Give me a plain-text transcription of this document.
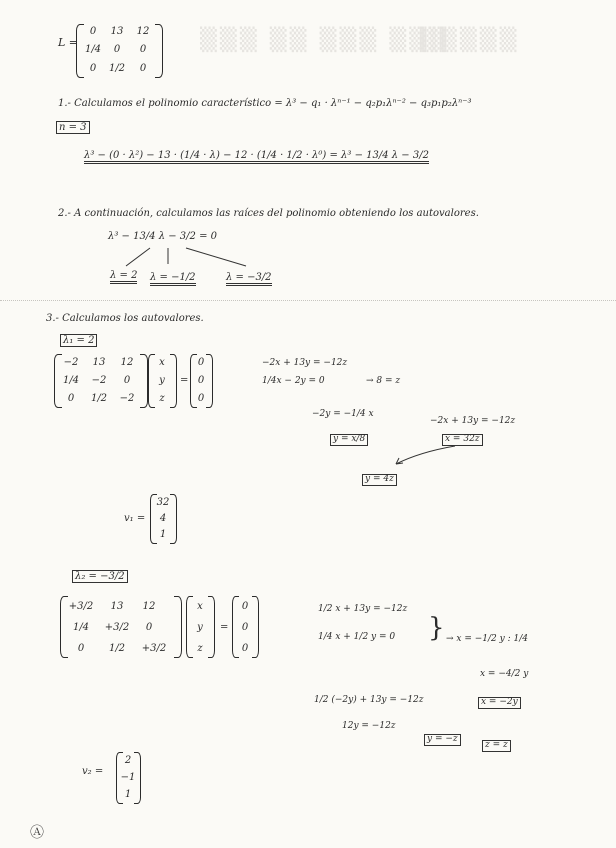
▒▒▒ ▒▒ ▒▒▒ ▒▒▒
▒▒▒▒▒
L =
0	13	12
1/4	0	0
0	1/2	0
1.- Calculamos el polinomio característico = λ³ − q₁ · λⁿ⁻¹ − q₂p₁λⁿ⁻² − q₃p₁p₂λⁿ⁻³
n = 3
λ³ − (0 · λ²) − 13 · (1/4 · λ) − 12 · (1/4 · 1/2 · λ⁰) = λ³ − 13/4 λ − 3/2
2.- A continuación, calculamos las raíces del polinomio obteniendo los autovalores.
λ³ − 13/4 λ − 3/2 = 0
λ = 2 λ = −1/2	λ = −3/2
3.- Calculamos los autovalores.
λ₁ = 2
−2	13	12
1/4	−2	0
0	1/2	−2
x
y
z
=
0
0
0
−2x + 13y = −12z
1/4x − 2y = 0	→ 8 = z
−2y = −1/4 x
y = x/8
−2x + 13y = −12z
x = 32z
y = 4z
v₁ =
32
4
1
λ₂ = −3/2
+3/2	13	12
1/4	+3/2	0
0	1/2	+3/2
x
y
z
=
0
0
0
1/2 x + 13y = −12z
1/4 x + 1/2 y = 0 } → x = −1/2 y : 1/4
x = −4/2 y
x = −2y
1/2 (−2y) + 13y = −12z
12y = −12z
y = −z
z = z
v₂ =
2
−1
1
Ⓐ
